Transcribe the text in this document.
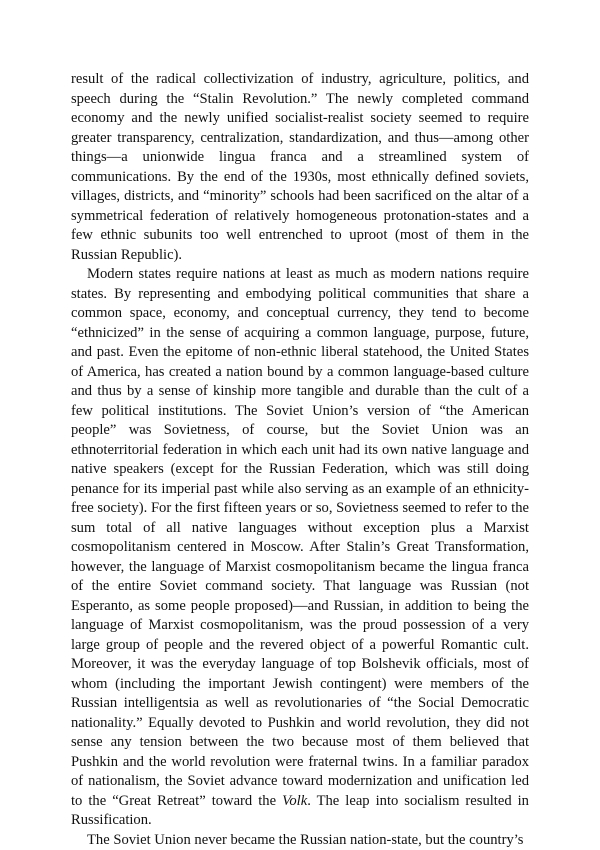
result of the radical collectivization of industry, agriculture, politics, and speech during the “Stalin Revolution.” The newly completed command economy and the newly unified socialist-realist society seemed to require greater transparency, centralization, standardization, and thus—among other things—a unionwide lingua franca and a streamlined system of communications. By the end of the 1930s, most ethnically defined soviets, villages, districts, and “minority” schools had been sacrificed on the altar of a symmetrical federation of relatively homogeneous protonation-states and a few ethnic subunits too well entrenched to uproot (most of them in the Russian Republic).

Modern states require nations at least as much as modern nations require states. By representing and embodying political communities that share a common space, economy, and conceptual currency, they tend to become “ethnicized” in the sense of acquiring a common language, purpose, future, and past. Even the epitome of non-ethnic liberal statehood, the United States of America, has created a nation bound by a common language-based culture and thus by a sense of kinship more tangible and durable than the cult of a few political institutions. The Soviet Union’s version of “the American people” was Sovietness, of course, but the Soviet Union was an ethnoterritorial federation in which each unit had its own native language and native speakers (except for the Russian Federation, which was still doing penance for its imperial past while also serving as an example of an ethnicity-free society). For the first fifteen years or so, Sovietness seemed to refer to the sum total of all native languages without exception plus a Marxist cosmopolitanism centered in Moscow. After Stalin’s Great Transformation, however, the language of Marxist cosmopolitanism became the lingua franca of the entire Soviet command society. That language was Russian (not Esperanto, as some people proposed)—and Russian, in addition to being the language of Marxist cosmopolitanism, was the proud possession of a very large group of people and the revered object of a powerful Romantic cult. Moreover, it was the everyday language of top Bolshevik officials, most of whom (including the important Jewish contingent) were members of the Russian intelligentsia as well as revolutionaries of “the Social Democratic nationality.” Equally devoted to Pushkin and world revolution, they did not sense any tension between the two because most of them believed that Pushkin and the world revolution were fraternal twins. In a familiar paradox of nationalism, the Soviet advance toward modernization and unification led to the “Great Retreat” toward the Volk. The leap into socialism resulted in Russification.

The Soviet Union never became the Russian nation-state, but the country’s
